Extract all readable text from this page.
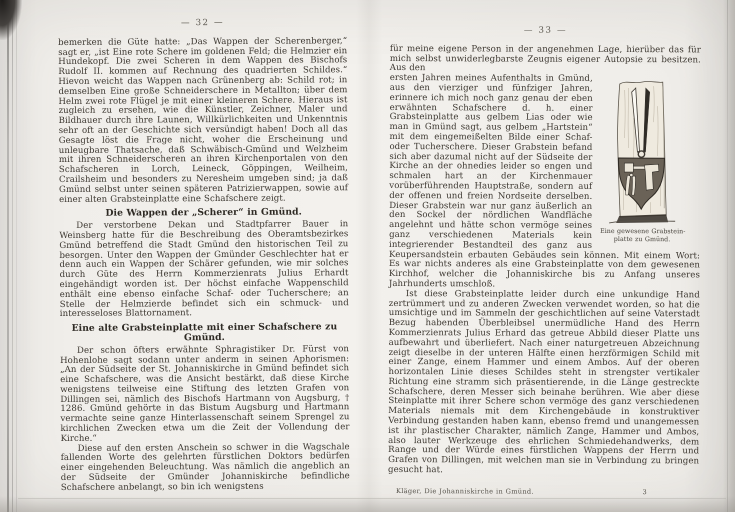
— 32 —

bemerken die Güte hatte: „Das Wappen der Scherenberger,“ sagt er, „ist Eine rote Schere im goldenen Feld; die Helmzier ein Hundekopf. Die zwei Scheren in dem Wappen des Bischofs Rudolf II. kommen auf Rechnung des quadrierten Schildes.“ Hievon weicht das Wappen nach Grünenberg ab: Schild rot; in demselben Eine große Schneiderschere in Metallton; über dem Helm zwei rote Flügel je mit einer kleineren Schere. Hieraus ist zugleich zu ersehen, wie die Künstler, Zeichner, Maler und Bildhauer durch ihre Launen, Willkürlichkeiten und Unkenntnis sehr oft an der Geschichte sich versündigt haben! Doch all das Gesagte löst die Frage nicht, woher die Erscheinung und unleugbare Thatsache, daß Schwäbisch-Gmünd und Welzheim mit ihren Schneiderscheren an ihren Kirchenportalen von den Schafscheren in Lorch, Leineck, Göppingen, Weilheim, Crailsheim und besonders zu Neresheim umgeben sind; ja daß Gmünd selbst unter seinen späteren Patrizierwappen, sowie auf einer alten Grabsteinplatte eine Schafschere zeigt.

Die Wappen der „Scherer“ in Gmünd.

Der verstorbene Dekan und Stadtpfarrer Bauer in Weinsberg hatte für die Beschreibung des Oberamtsbezirkes Gmünd betreffend die Stadt Gmünd den historischen Teil zu besorgen. Unter den Wappen der Gmünder Geschlechter hat er denn auch ein Wappen der Schärer gefunden, wie mir solches durch Güte des Herrn Kommerzienrats Julius Erhardt eingehändigt worden ist. Der höchst einfache Wappenschild enthält eine ebenso einfache Schaf- oder Tucherschere; an Stelle der Helmzierde befindet sich ein schmuck- und interesseloses Blattornament.

Eine alte Grabsteinplatte mit einer Schafschere zu Gmünd.

Der schon öfters erwähnte Sphragistiker Dr. Fürst von Hohenlohe sagt sodann unter anderm in seinen Aphorismen: „An der Südseite der St. Johanniskirche in Gmünd befindet sich eine Schafschere, was die Ansicht bestärkt, daß diese Kirche wenigstens teilweise eine Stiftung des letzten Grafen von Dillingen sei, nämlich des Bischofs Hartmann von Augsburg, † 1286. Gmünd gehörte in das Bistum Augsburg und Hartmann vermachte seine ganze Hinterlassenschaft seinem Sprengel zu kirchlichen Zwecken etwa um die Zeit der Vollendung der Kirche.“

Diese auf den ersten Anschein so schwer in die Wagschale fallenden Worte des gelehrten fürstlichen Doktors bedürfen einer eingehenden Beleuchtung. Was nämlich die angeblich an der Südseite der Gmünder Johanniskirche befindliche Schafschere anbelangt, so bin ich wenigstens

— 33 —

für meine eigene Person in der angenehmen Lage, hierüber das für mich selbst unwiderlegbarste Zeugnis eigener Autopsie zu besitzen. Aus den

Eine gewesene Grabstein-
platte zu Gmünd.

ersten Jahren meines Aufenthalts in Gmünd, aus den vierziger und fünfziger Jahren, erinnere ich mich noch ganz genau der eben erwähnten Schafschere d. h. einer Grabsteinplatte aus gelbem Lias oder wie man in Gmünd sagt, aus gelbem „Hartstein“ mit dem eingemeißelten Bilde einer Schaf- oder Tucherschere. Dieser Grabstein befand sich aber dazumal nicht auf der Südseite der Kirche an der ohnedies leider so engen und schmalen hart an der Kirchenmauer vorüberführenden Hauptstraße, sondern auf der offenen und freien Nordseite derselben. Dieser Grabstein war nur ganz äußerlich an den Sockel der nördlichen Wandfläche angelehnt und hätte schon vermöge seines ganz verschiedenen Materials kein integrierender Bestandteil des ganz aus Keupersandstein erbauten Gebäudes sein können. Mit einem Wort: Es war nichts anderes als eine Grabsteinplatte von dem gewesenen Kirchhof, welcher die Johanniskirche bis zu Anfang unseres Jahrhunderts umschloß.

Ist diese Grabsteinplatte leider durch eine unkundige Hand zertrümmert und zu anderen Zwecken verwendet worden, so hat die umsichtige und im Sammeln der geschichtlichen auf seine Vaterstadt Bezug habenden Überbleibsel unermüdliche Hand des Herrn Kommerzienrats Julius Erhard das getreue Abbild dieser Platte uns aufbewahrt und überliefert. Nach einer naturgetreuen Abzeichnung zeigt dieselbe in der unteren Hälfte einen herzförmigen Schild mit einer Zange, einem Hammer und einem Ambos. Auf der oberen horizontalen Linie dieses Schildes steht in strengster vertikaler Richtung eine stramm sich präsentierende, in die Länge gestreckte Schafschere, deren Messer sich beinahe berühren. Wie aber diese Steinplatte mit ihrer Schere schon vermöge des ganz verschiedenen Materials niemals mit dem Kirchengebäude in konstruktiver Verbindung gestanden haben kann, ebenso fremd und unangemessen ist ihr plastischer Charakter, nämlich Zange, Hammer und Ambos, also lauter Werkzeuge des ehrlichen Schmiedehandwerks, dem Range und der Würde eines fürstlichen Wappens der Herrn und Grafen von Dillingen, mit welchen man sie in Verbindung zu bringen gesucht hat.

Kläger, Die Johanniskirche in Gmünd.	3
